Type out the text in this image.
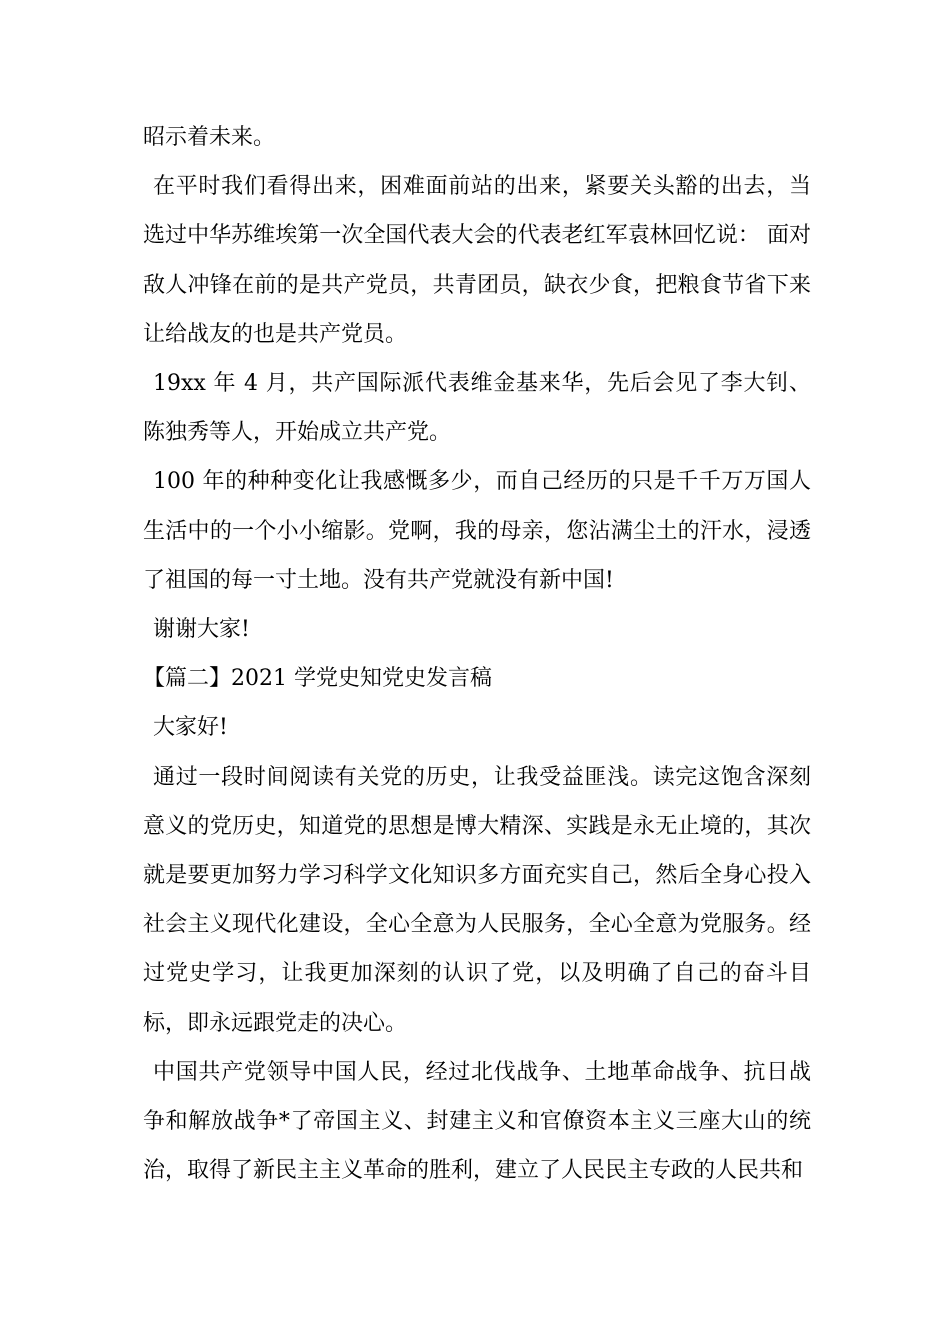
昭示着未来。

在平时我们看得出来，困难面前站的出来，紧要关头豁的出去，当选过中华苏维埃第一次全国代表大会的代表老红军袁林回忆说： 面对敌人冲锋在前的是共产党员，共青团员，缺衣少食，把粮食节省下来让给战友的也是共产党员。

19xx 年 4 月，共产国际派代表维金基来华，先后会见了李大钊、陈独秀等人，开始成立共产党。

100 年的种种变化让我感慨多少，而自己经历的只是千千万万国人生活中的一个小小缩影。党啊，我的母亲，您沾满尘土的汗水，浸透了祖国的每一寸土地。没有共产党就没有新中国!

谢谢大家!

【篇二】2021 学党史知党史发言稿

大家好!

通过一段时间阅读有关党的历史，让我受益匪浅。读完这饱含深刻意义的党历史，知道党的思想是博大精深、实践是永无止境的，其次就是要更加努力学习科学文化知识多方面充实自己，然后全身心投入社会主义现代化建设，全心全意为人民服务，全心全意为党服务。经过党史学习，让我更加深刻的认识了党，以及明确了自己的奋斗目标，即永远跟党走的决心。

中国共产党领导中国人民，经过北伐战争、土地革命战争、抗日战争和解放战争*了帝国主义、封建主义和官僚资本主义三座大山的统治，取得了新民主主义革命的胜利，建立了人民民主专政的人民共和
